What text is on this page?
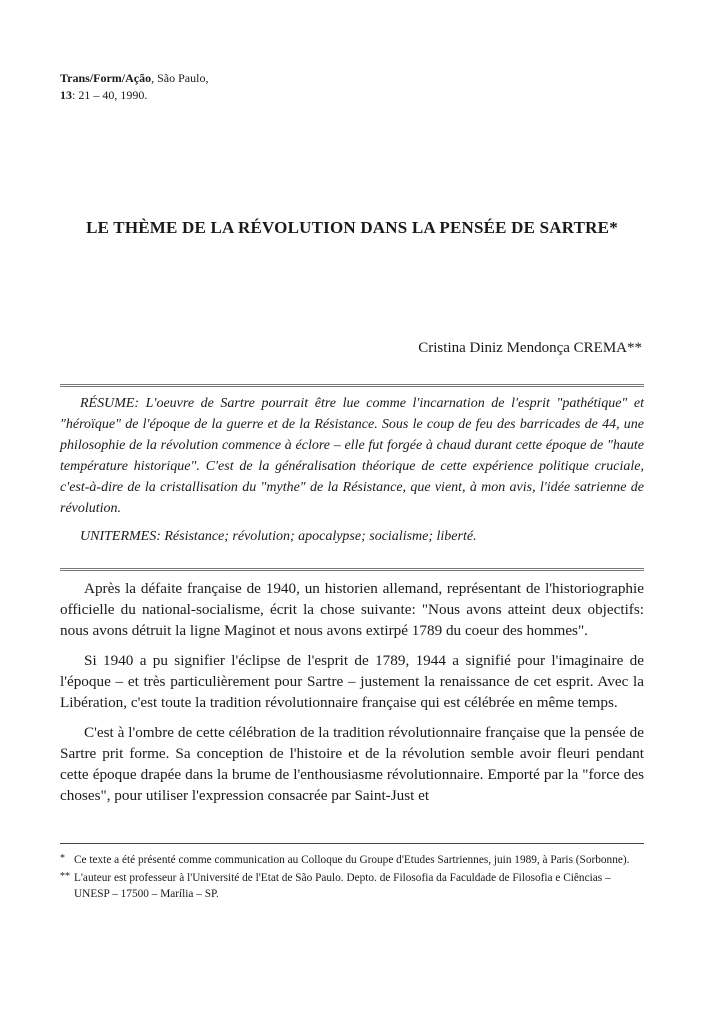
Trans/Form/Ação, São Paulo,
13: 21 – 40, 1990.
LE THÈME DE LA RÉVOLUTION DANS LA PENSÉE DE SARTRE*
Cristina Diniz Mendonça CREMA**

RÉSUME: L'oeuvre de Sartre pourrait être lue comme l'incarnation de l'esprit "pathétique" et "héroïque" de l'époque de la guerre et de la Résistance. Sous le coup de feu des barricades de 44, une philosophie de la révolution commence à éclore – elle fut forgée à chaud durant cette époque de "haute température historique". C'est de la généralisation théorique de cette expérience politique cruciale, c'est-à-dire de la cristallisation du "mythe" de la Résistance, que vient, à mon avis, l'idée satrienne de révolution.

UNITERMES: Résistance; révolution; apocalypse; socialisme; liberté.

Après la défaite française de 1940, un historien allemand, représentant de l'historiographie officielle du national-socialisme, écrit la chose suivante: "Nous avons atteint deux objectifs: nous avons détruit la ligne Maginot et nous avons extirpé 1789 du coeur des hommes".

Si 1940 a pu signifier l'éclipse de l'esprit de 1789, 1944 a signifié pour l'imaginaire de l'époque – et très particulièrement pour Sartre – justement la renaissance de cet esprit. Avec la Libération, c'est toute la tradition révolutionnaire française qui est célébrée en même temps.

C'est à l'ombre de cette célébration de la tradition révolutionnaire française que la pensée de Sartre prit forme. Sa conception de l'histoire et de la révolution semble avoir fleuri pendant cette époque drapée dans la brume de l'enthousiasme révolutionnaire. Emporté par la "force des choses", pour utiliser l'expression consacrée par Saint-Just et

* Ce texte a été présenté comme communication au Colloque du Groupe d'Etudes Sartriennes, juin 1989, à Paris (Sorbonne).
** L'auteur est professeur à l'Université de l'Etat de São Paulo. Depto. de Filosofia da Faculdade de Filosofia e Ciências – UNESP – 17500 – Marília – SP.
